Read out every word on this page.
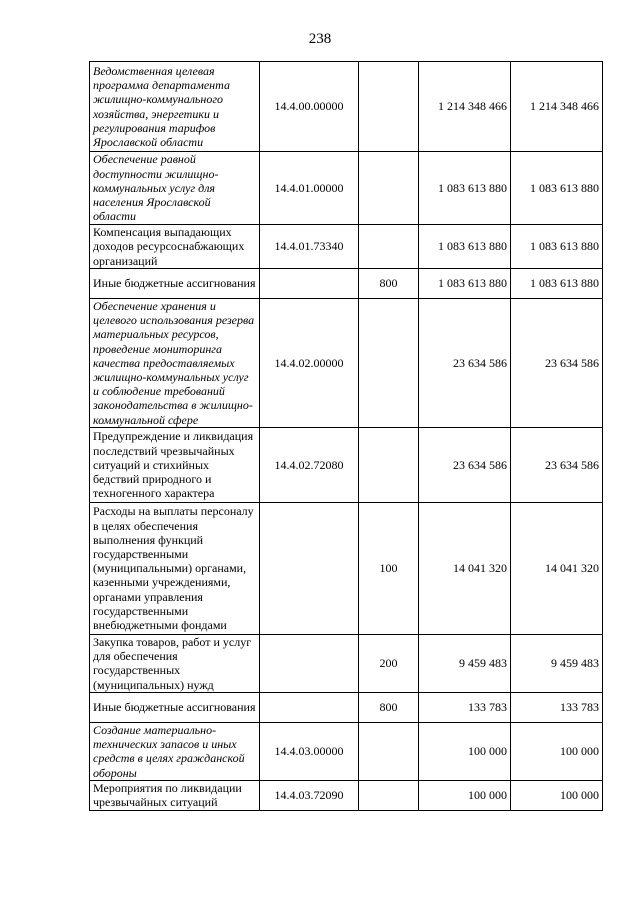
238
Ведомственная целевая программа департамента жилищно-коммунального хозяйства, энергетики и регулирования тарифов Ярославской области	14.4.00.00000		1 214 348 466	1 214 348 466
Обеспечение равной доступности жилищно-коммунальных услуг для населения Ярославской области	14.4.01.00000		1 083 613 880	1 083 613 880
Компенсация выпадающих доходов ресурсоснабжающих организаций	14.4.01.73340		1 083 613 880	1 083 613 880
Иные бюджетные ассигнования		800	1 083 613 880	1 083 613 880
Обеспечение хранения и целевого использования резерва материальных ресурсов, проведение мониторинга качества предоставляемых жилищно-коммунальных услуг и соблюдение требований законодательства в жилищно-коммунальной сфере	14.4.02.00000		23 634 586	23 634 586
Предупреждение и ликвидация последствий чрезвычайных ситуаций и стихийных бедствий природного и техногенного характера	14.4.02.72080		23 634 586	23 634 586
Расходы на выплаты персоналу в целях обеспечения выполнения функций государственными (муниципальными) органами, казенными учреждениями, органами управления государственными внебюджетными фондами		100	14 041 320	14 041 320
Закупка товаров, работ и услуг для обеспечения государственных (муниципальных) нужд		200	9 459 483	9 459 483
Иные бюджетные ассигнования		800	133 783	133 783
Создание материально-технических запасов и иных средств в целях гражданской обороны	14.4.03.00000		100 000	100 000
Мероприятия по ликвидации чрезвычайных ситуаций	14.4.03.72090		100 000	100 000
